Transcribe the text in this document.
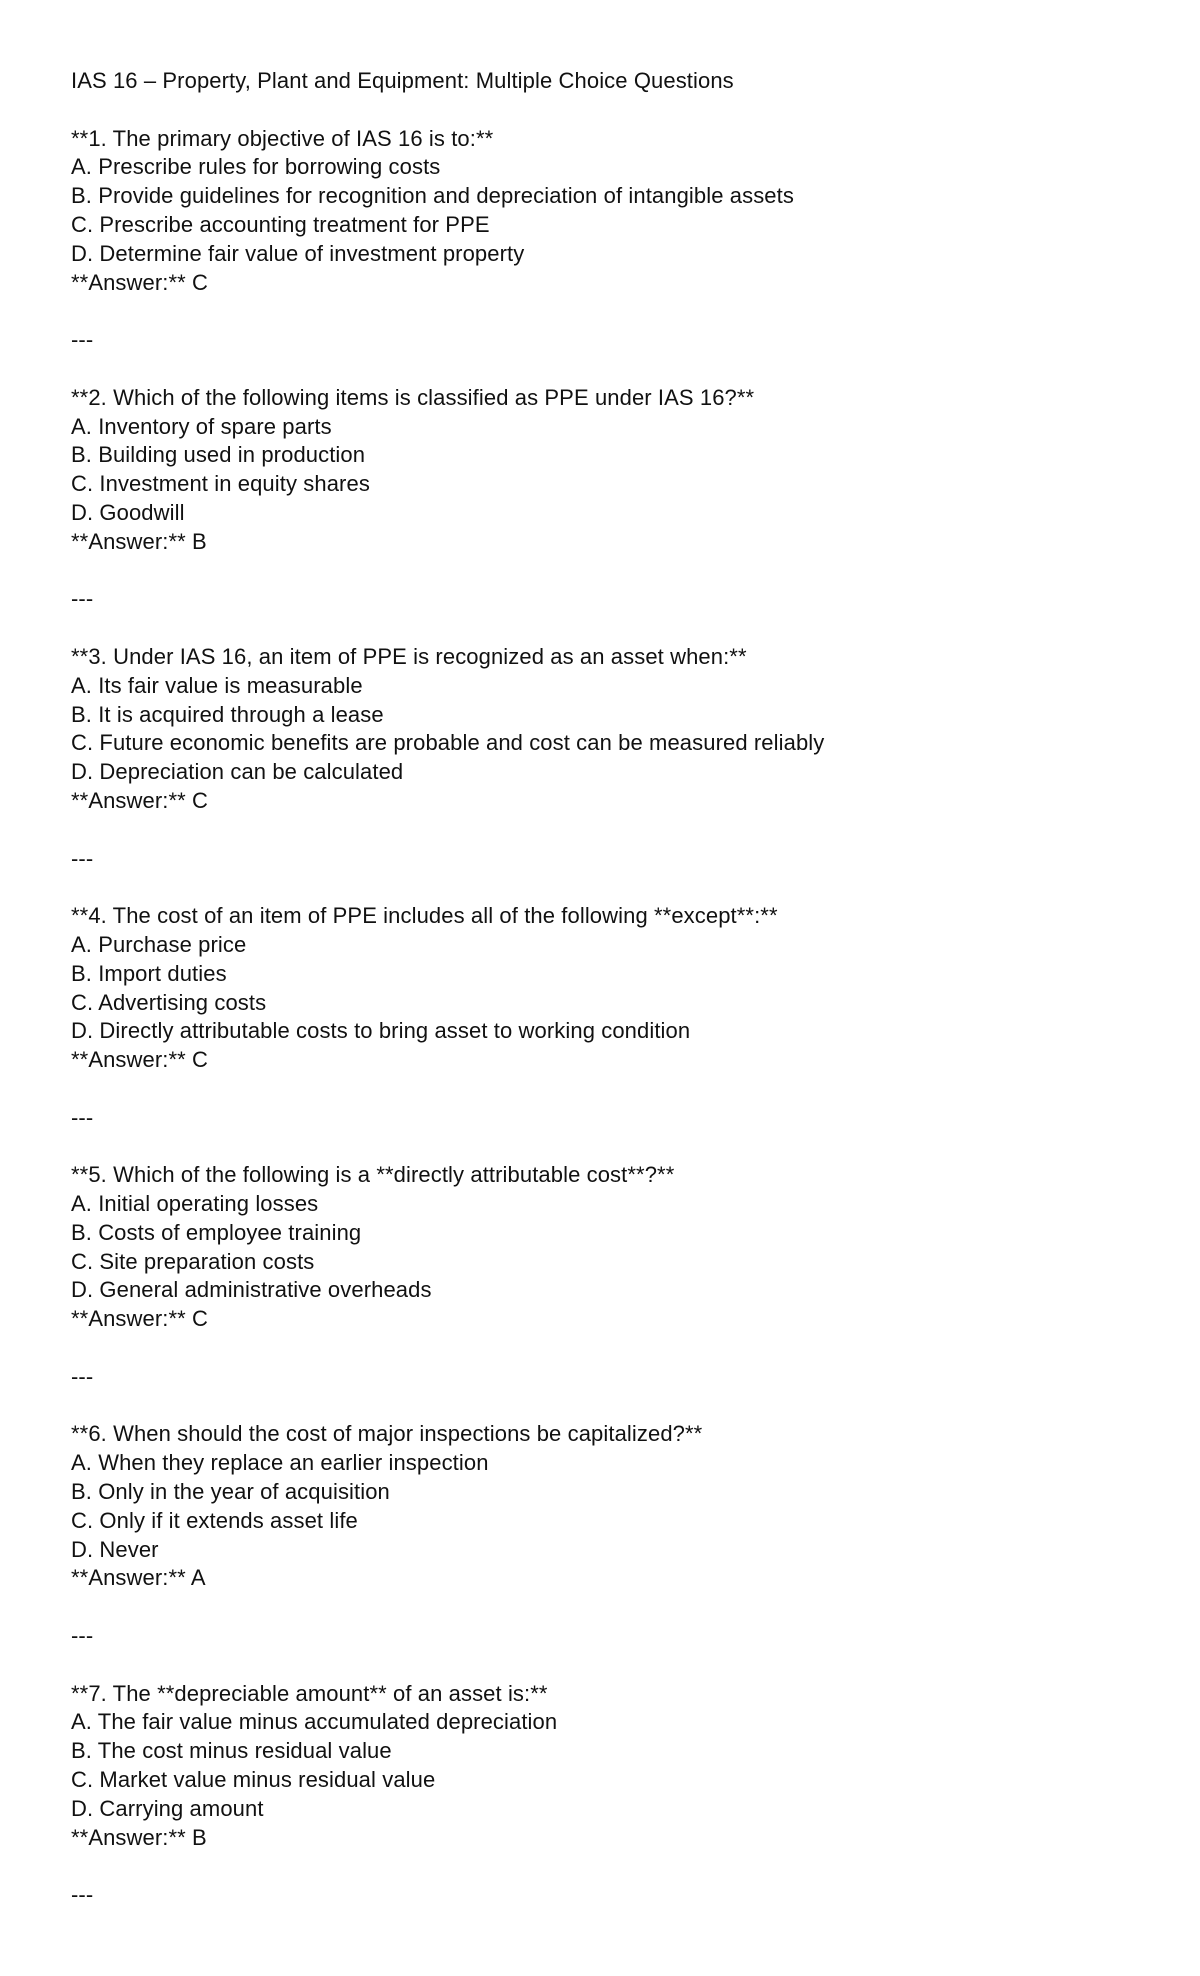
IAS 16 – Property, Plant and Equipment: Multiple Choice Questions
**1. The primary objective of IAS 16 is to:**
A. Prescribe rules for borrowing costs
B. Provide guidelines for recognition and depreciation of intangible assets
C. Prescribe accounting treatment for PPE
D. Determine fair value of investment property
**Answer:** C
---
**2. Which of the following items is classified as PPE under IAS 16?**
A. Inventory of spare parts
B. Building used in production
C. Investment in equity shares
D. Goodwill
**Answer:** B
---
**3. Under IAS 16, an item of PPE is recognized as an asset when:**
A. Its fair value is measurable
B. It is acquired through a lease
C. Future economic benefits are probable and cost can be measured reliably
D. Depreciation can be calculated
**Answer:** C
---
**4. The cost of an item of PPE includes all of the following **except**:**
A. Purchase price
B. Import duties
C. Advertising costs
D. Directly attributable costs to bring asset to working condition
**Answer:** C
---
**5. Which of the following is a **directly attributable cost**?**
A. Initial operating losses
B. Costs of employee training
C. Site preparation costs
D. General administrative overheads
**Answer:** C
---
**6. When should the cost of major inspections be capitalized?**
A. When they replace an earlier inspection
B. Only in the year of acquisition
C. Only if it extends asset life
D. Never
**Answer:** A
---
**7. The **depreciable amount** of an asset is:**
A. The fair value minus accumulated depreciation
B. The cost minus residual value
C. Market value minus residual value
D. Carrying amount
**Answer:** B
---
